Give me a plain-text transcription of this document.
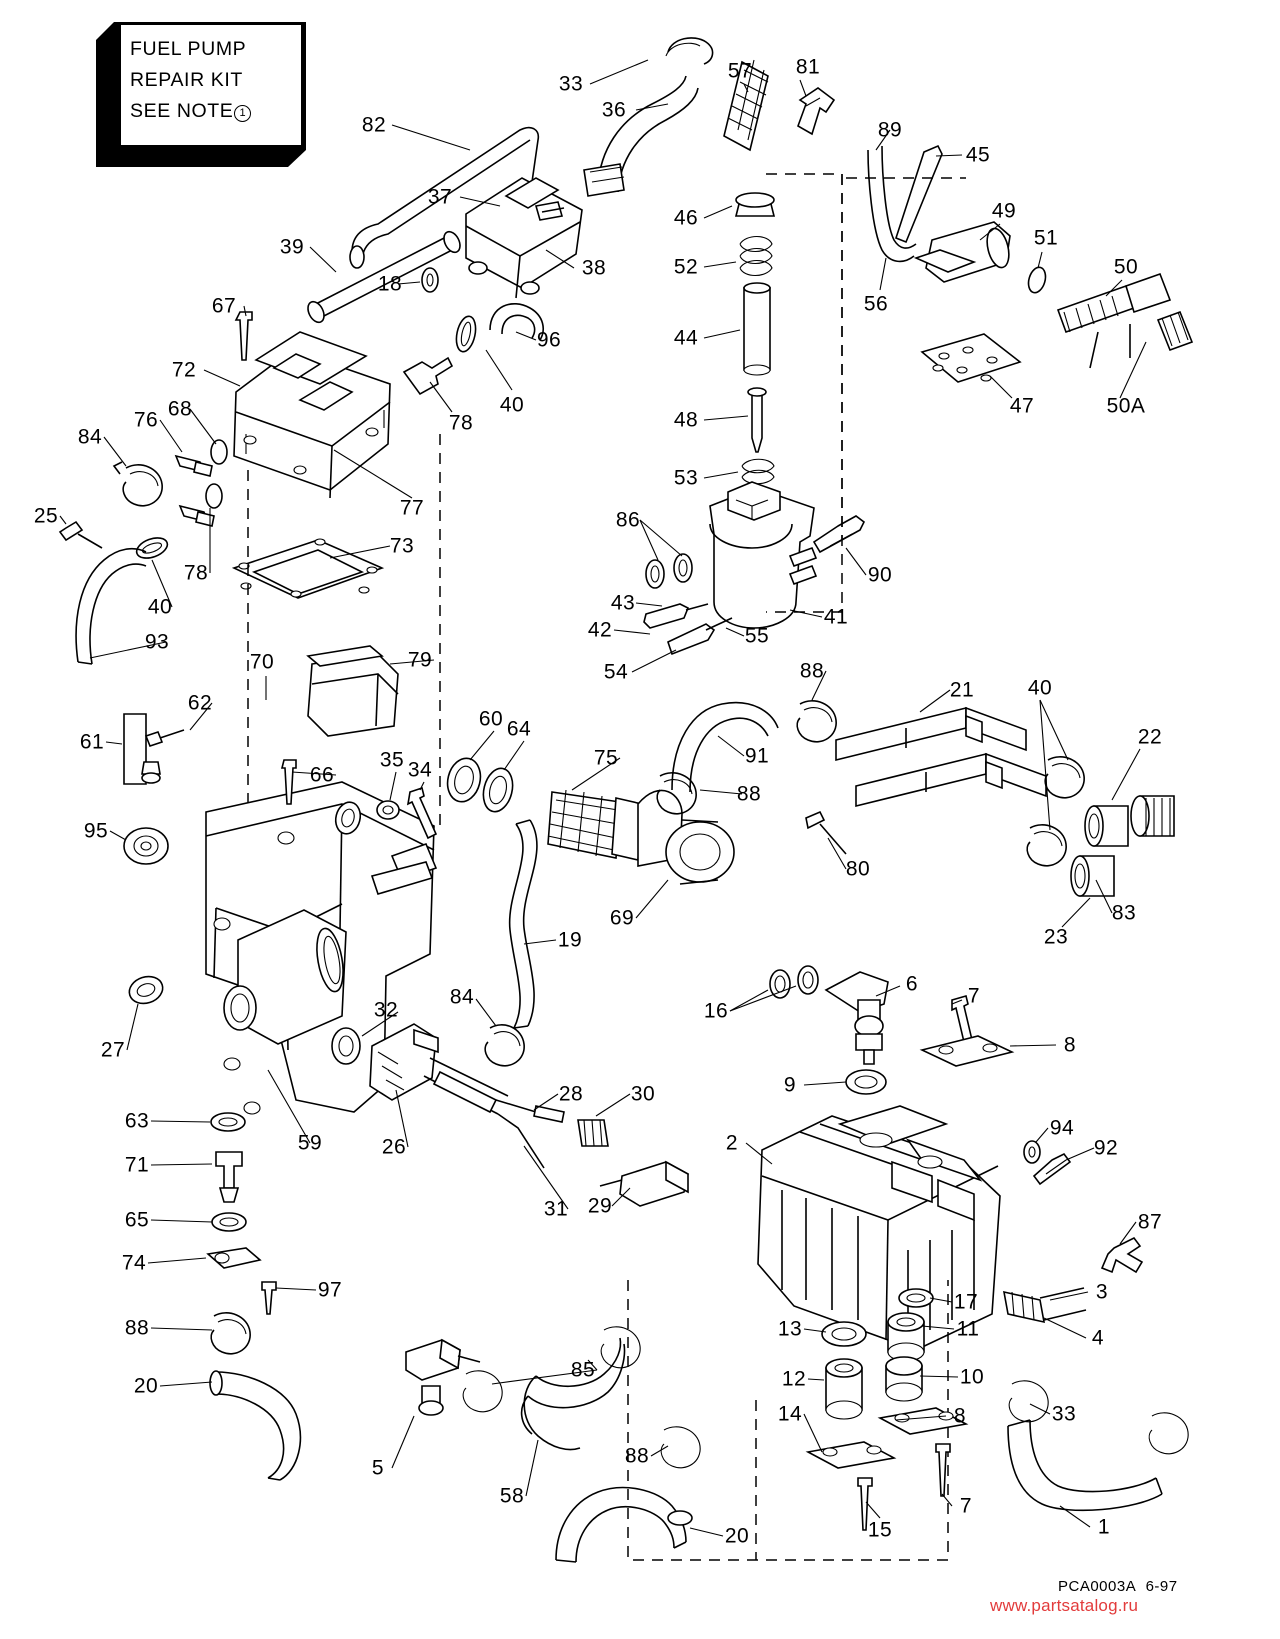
FUEL PUMP
REPAIR KIT
SEE NOTE 1
33
57 81
36
82	89
45
46	49
37
51
52	50
39
38
56
18
67
44
96
72
47	50A
40
48
68
76	78
84
53
77
25	86
78	90
73
40	43
41
42	55
93
54
70	79	88
21	40
60 64
62
22
61
91
75
66
35 34
88
80
95
23
83
69
19
6
27
16
7
84
8
32
9
63
59
28 30
94
92
2
71
26
29
31
65	87
74
97	3
17
88	13	11	4
85	12	10
20
14	8	33
5
88
58	7
15	1
20
PCA0003A 6-97
www.partsatalog.ru
